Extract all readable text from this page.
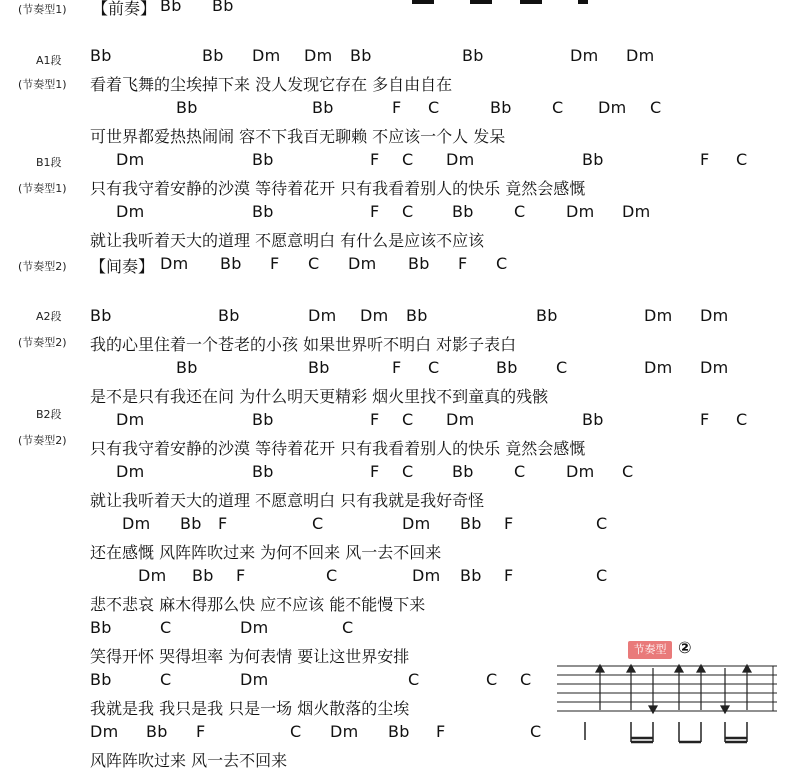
(节奏型1) 【前奏】 Bb Bb
A1段
(节奏型1)
Bb	Bb Dm Dm Bb	Bb	Dm Dm
看着飞舞的尘埃掉下来 没人发现它存在 多自由自在
Bb	Bb	F C	Bb	C Dm C
可世界都爱热热闹闹 容不下我百无聊赖 不应该一个人 发呆
B1段
(节奏型1)
Dm	Bb	F C Dm	Bb	F C
只有我守着安静的沙漠 等待着花开 只有我看着别人的快乐 竟然会感慨
Dm	Bb	F C Bb	C	Dm Dm
就让我听着天大的道理 不愿意明白 有什么是应该不应该
(节奏型2) 【间奏】 Dm Bb F C Dm Bb F C
A2段
(节奏型2)
Bb	Bb	Dm Dm Bb	Bb	Dm Dm
我的心里住着一个苍老的小孩 如果世界听不明白 对影子表白
Bb	Bb	F C	Bb C	Dm Dm
是不是只有我还在问 为什么明天更精彩 烟火里找不到童真的残骸
B2段
(节奏型2)
Dm	Bb	F C Dm	Bb	F C
只有我守着安静的沙漠 等待着花开 只有我看着别人的快乐 竟然会感慨
Dm	Bb	F C Bb	C	Dm C
就让我听着天大的道理 不愿意明白 只有我就是我好奇怪
Dm Bb F	C	Dm Bb F	C
还在感慨 风阵阵吹过来 为何不回来 风一去不回来
Dm Bb F	C	Dm Bb F	C
悲不悲哀 麻木得那么快 应不应该 能不能慢下来
Bb	C	Dm	C
笑得开怀 哭得坦率 为何表情 要让这世界安排
Bb	C	Dm	C	C C
我就是我 我只是我 只是一场 烟火散落的尘埃
Dm Bb F	C Dm Bb F	C
风阵阵吹过来 风一去不回来
节奏型 ②
